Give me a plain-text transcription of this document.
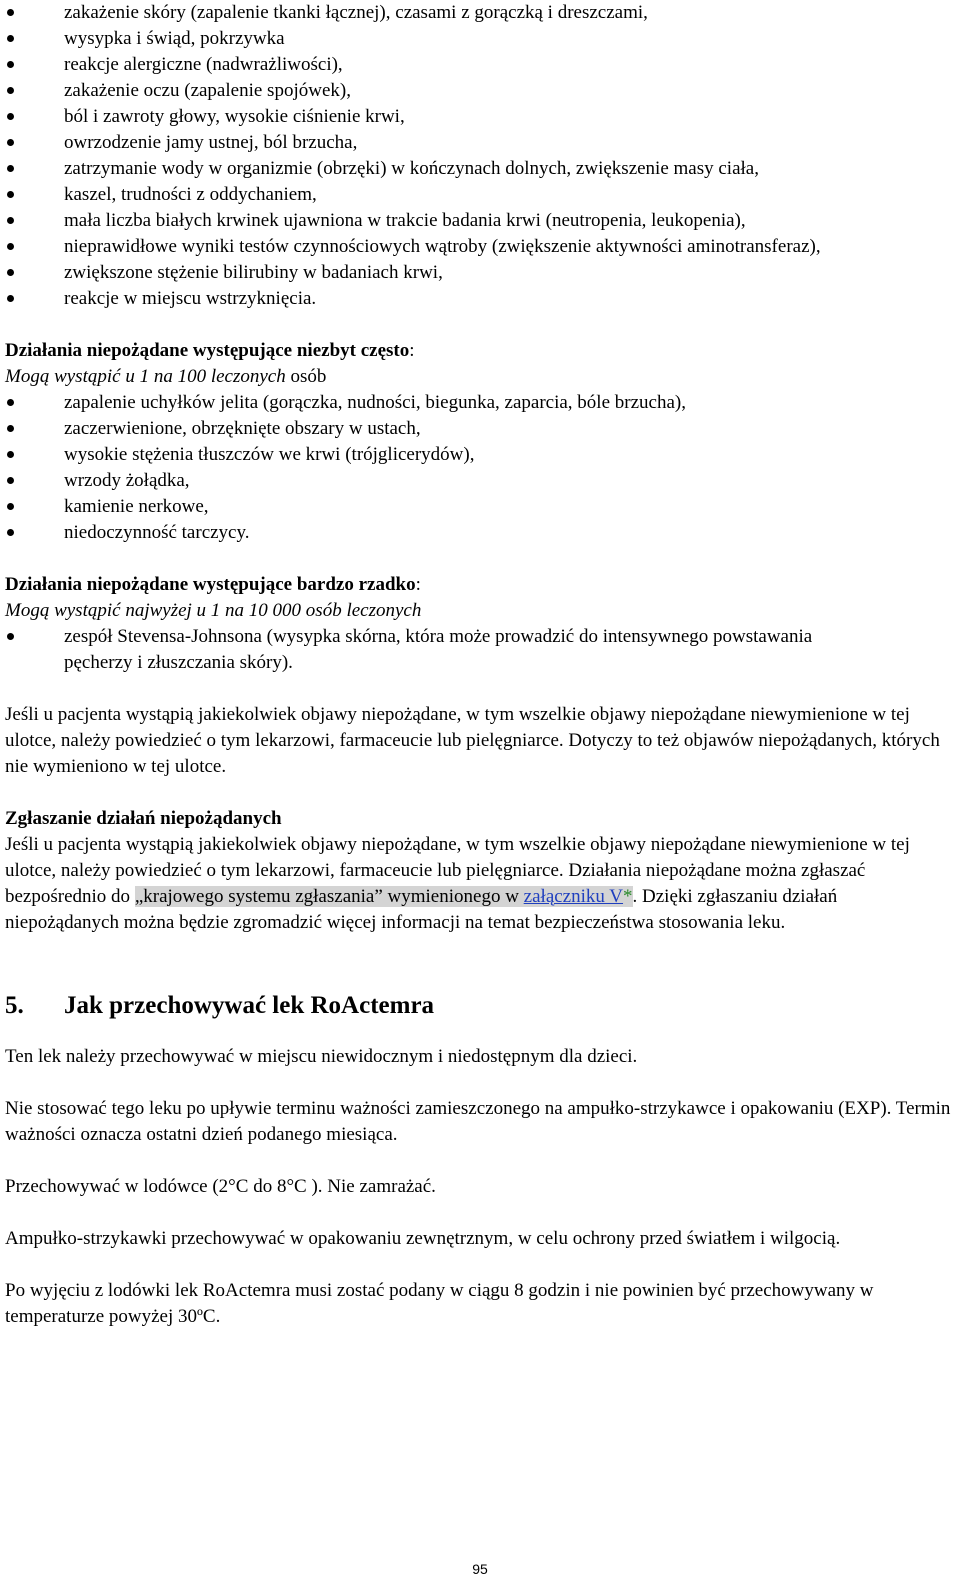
zakażenie skóry (zapalenie tkanki łącznej), czasami z gorączką i dreszczami,
wysypka i świąd, pokrzywka
reakcje alergiczne (nadwrażliwości),
zakażenie oczu (zapalenie spojówek),
ból i zawroty głowy, wysokie ciśnienie krwi,
owrzodzenie jamy ustnej, ból brzucha,
zatrzymanie wody w organizmie (obrzęki) w kończynach dolnych, zwiększenie masy ciała,
kaszel, trudności z oddychaniem,
mała liczba białych krwinek ujawniona w trakcie badania krwi (neutropenia, leukopenia),
nieprawidłowe wyniki testów czynnościowych wątroby (zwiększenie aktywności aminotransferaz),
zwiększone stężenie bilirubiny w badaniach krwi,
reakcje w miejscu wstrzyknięcia.

Działania niepożądane występujące niezbyt często:

Mogą wystąpić u 1 na 100 leczonych osób

zapalenie uchyłków jelita (gorączka, nudności, biegunka, zaparcia, bóle brzucha),
zaczerwienione, obrzęknięte obszary w ustach,
wysokie stężenia tłuszczów we krwi (trójglicerydów),
wrzody żołądka,
kamienie nerkowe,
niedoczynność tarczycy.

Działania niepożądane występujące bardzo rzadko:

Mogą wystąpić najwyżej u 1 na 10 000 osób leczonych

zespół Stevensa-Johnsona (wysypka skórna, która może prowadzić do intensywnego powstawania pęcherzy i złuszczania skóry).

Jeśli u pacjenta wystąpią jakiekolwiek objawy niepożądane, w tym wszelkie objawy niepożądane niewymienione w tej ulotce, należy powiedzieć o tym lekarzowi, farmaceucie lub pielęgniarce. Dotyczy to też objawów niepożądanych, których nie wymieniono w tej ulotce.

Zgłaszanie działań niepożądanych

Jeśli u pacjenta wystąpią jakiekolwiek objawy niepożądane, w tym wszelkie objawy niepożądane niewymienione w tej ulotce, należy powiedzieć o tym lekarzowi, farmaceucie lub pielęgniarce. Działania niepożądane można zgłaszać bezpośrednio do „krajowego systemu zgłaszania” wymienionego w załączniku V*. Dzięki zgłaszaniu działań niepożądanych można będzie zgromadzić więcej informacji na temat bezpieczeństwa stosowania leku.

5. Jak przechowywać lek RoActemra

Ten lek należy przechowywać w miejscu niewidocznym i niedostępnym dla dzieci.

Nie stosować tego leku po upływie terminu ważności zamieszczonego na ampułko-strzykawce i opakowaniu (EXP). Termin ważności oznacza ostatni dzień podanego miesiąca.

Przechowywać w lodówce (2°C do 8°C ). Nie zamrażać.

Ampułko-strzykawki przechowywać w opakowaniu zewnętrznym, w celu ochrony przed światłem i wilgocią.

Po wyjęciu z lodówki lek RoActemra musi zostać podany w ciągu 8 godzin i nie powinien być przechowywany w temperaturze powyżej 30ºC.

95
